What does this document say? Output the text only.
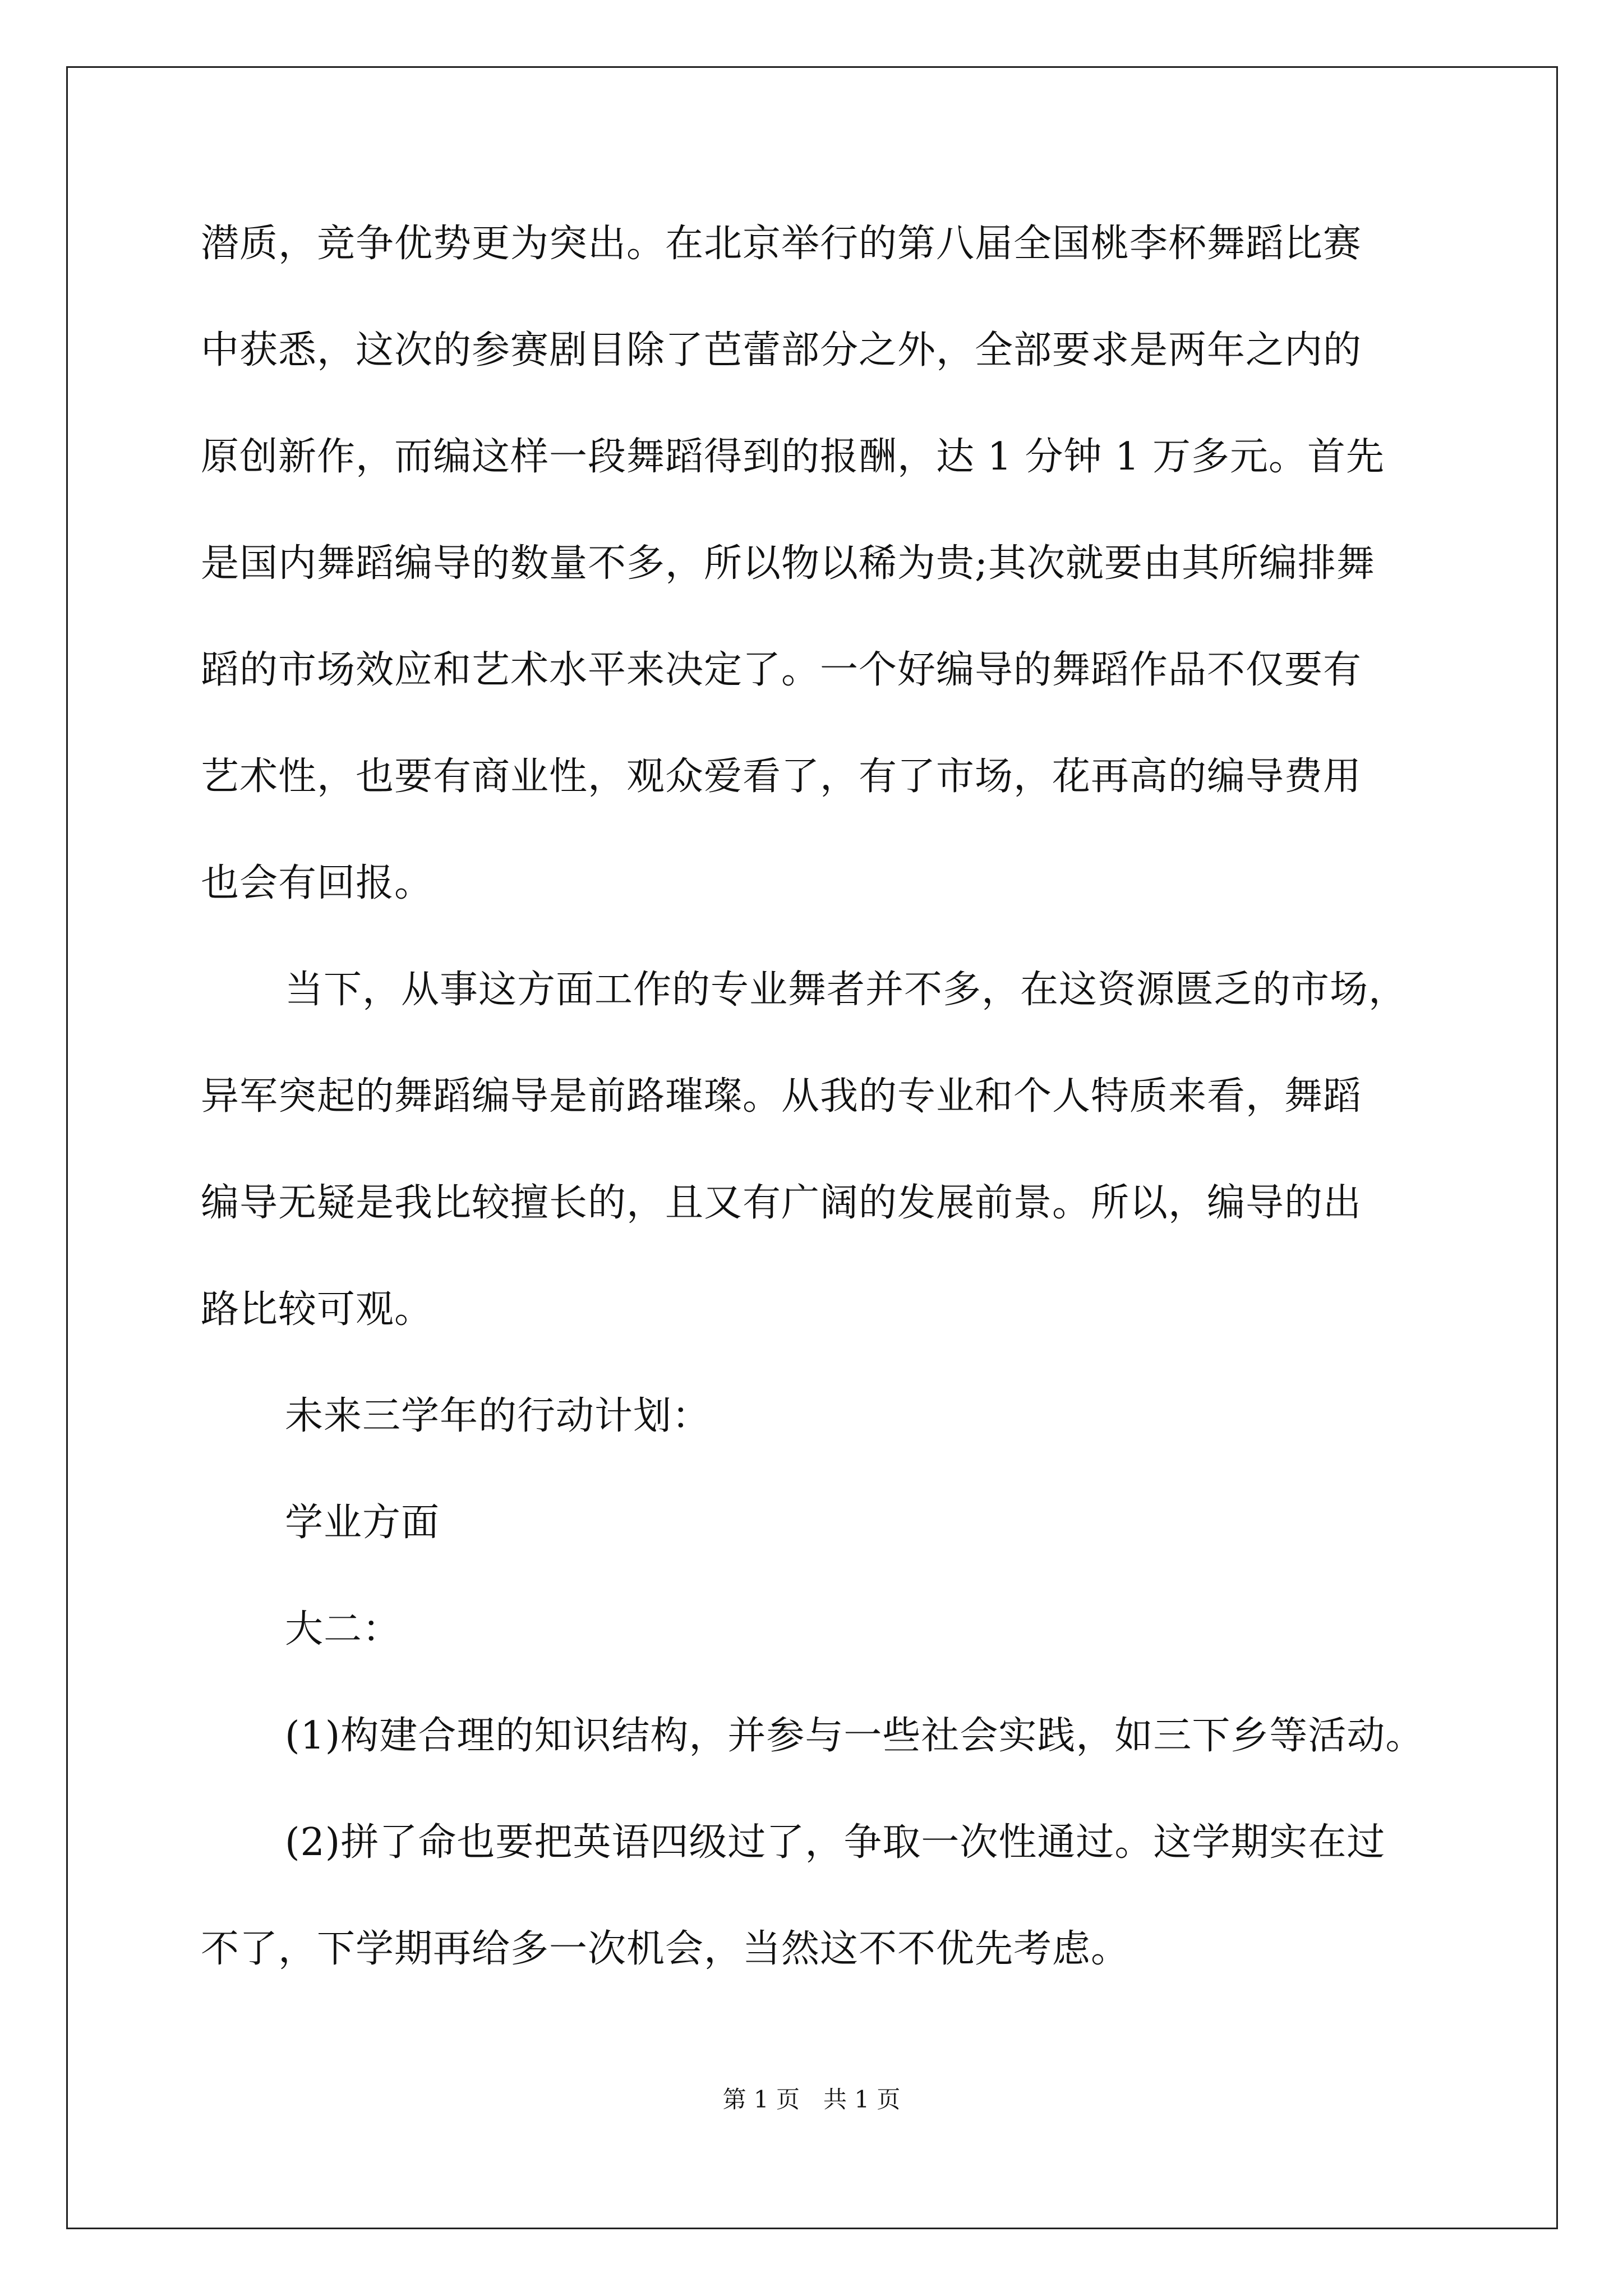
潜质，竞争优势更为突出。在北京举行的第八届全国桃李杯舞蹈比赛
中获悉，这次的参赛剧目除了芭蕾部分之外，全部要求是两年之内的
原创新作，而编这样一段舞蹈得到的报酬，达 1 分钟 1 万多元。首先
是国内舞蹈编导的数量不多，所以物以稀为贵;其次就要由其所编排舞
蹈的市场效应和艺术水平来决定了。一个好编导的舞蹈作品不仅要有
艺术性，也要有商业性，观众爱看了，有了市场，花再高的编导费用
也会有回报。
当下，从事这方面工作的专业舞者并不多，在这资源匮乏的市场，
异军突起的舞蹈编导是前路璀璨。从我的专业和个人特质来看，舞蹈
编导无疑是我比较擅长的，且又有广阔的发展前景。所以，编导的出
路比较可观。
未来三学年的行动计划：
学业方面
大二：
(1)构建合理的知识结构，并参与一些社会实践，如三下乡等活动。
(2)拼了命也要把英语四级过了，争取一次性通过。这学期实在过
不了，下学期再给多一次机会，当然这不不优先考虑。
第 1 页　共 1 页
